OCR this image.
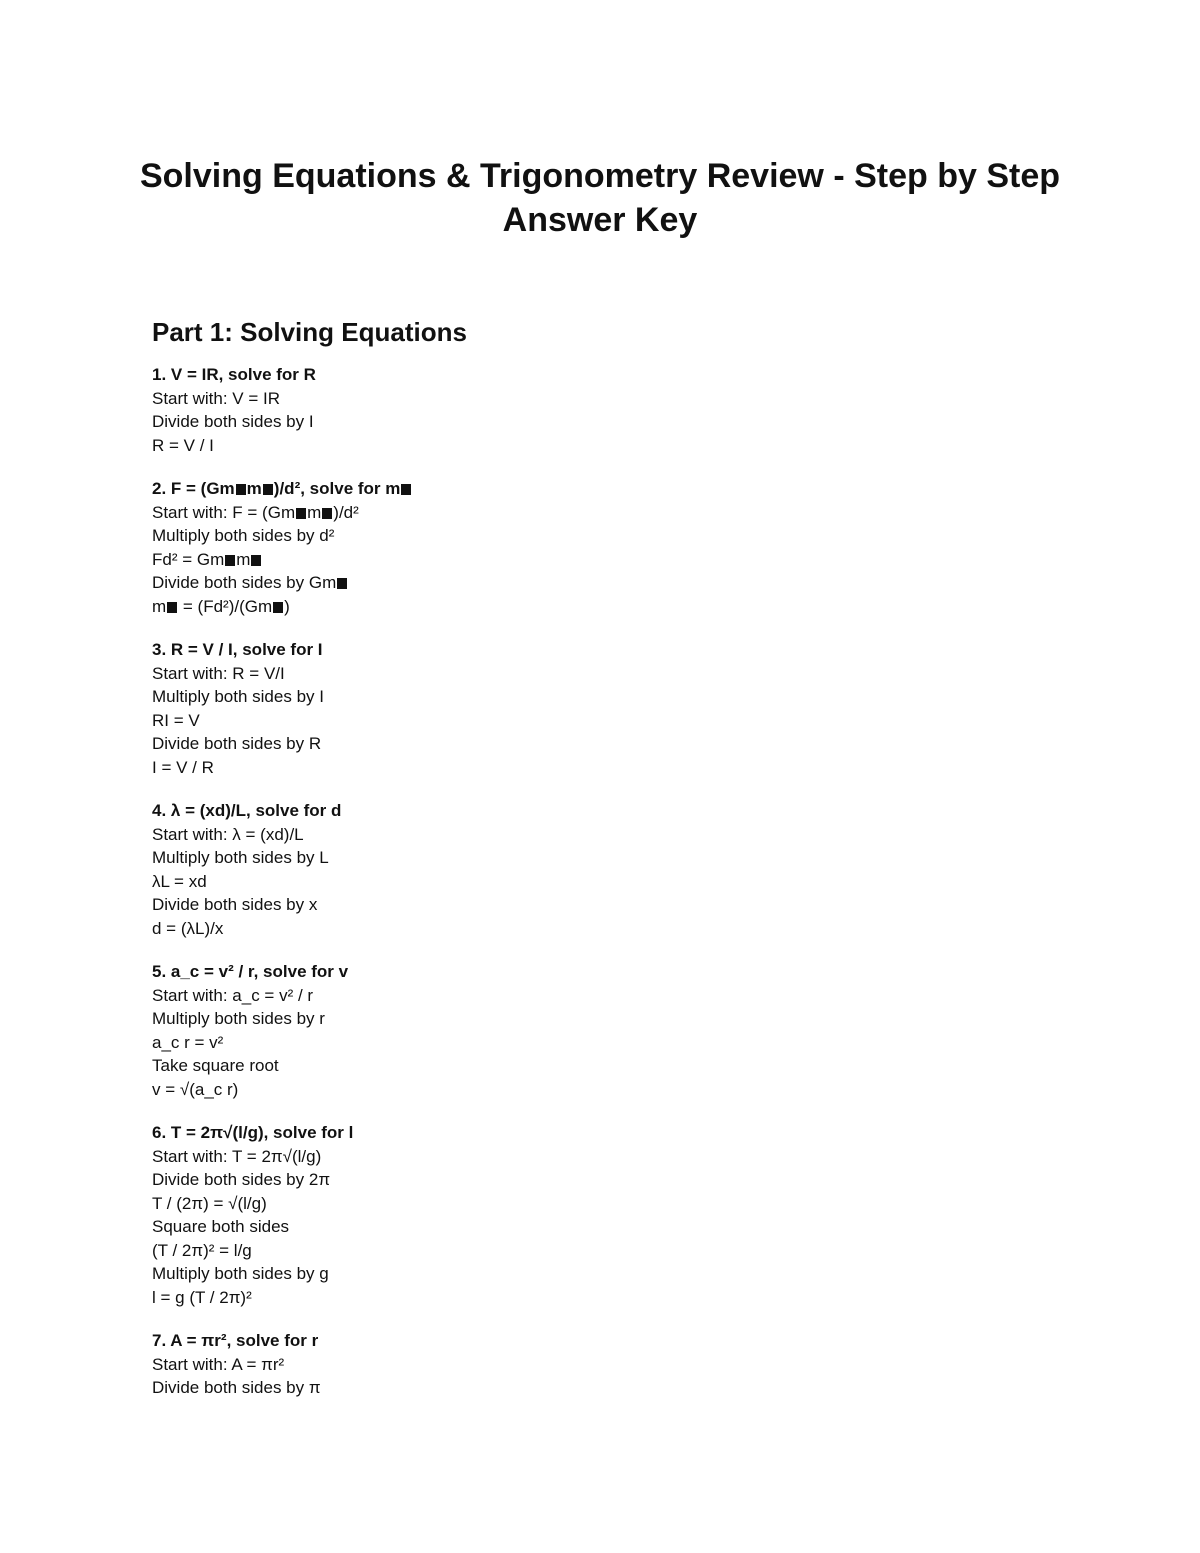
Solving Equations & Trigonometry Review - Step by Step Answer Key
Part 1: Solving Equations
1. V = IR, solve for R
Start with: V = IR
Divide both sides by I
R = V / I
2. F = (Gm m )/d², solve for m
Start with: F = (Gm m )/d²
Multiply both sides by d²
Fd² = Gm m
Divide both sides by Gm
m = (Fd²)/(Gm )
3. R = V / I, solve for I
Start with: R = V/I
Multiply both sides by I
RI = V
Divide both sides by R
I = V / R
4. λ = (xd)/L, solve for d
Start with: λ = (xd)/L
Multiply both sides by L
λL = xd
Divide both sides by x
d = (λL)/x
5. a_c = v² / r, solve for v
Start with: a_c = v² / r
Multiply both sides by r
a_c r = v²
Take square root
v = √(a_c r)
6. T = 2π√(l/g), solve for l
Start with: T = 2π√(l/g)
Divide both sides by 2π
T / (2π) = √(l/g)
Square both sides
(T / 2π)² = l/g
Multiply both sides by g
l = g (T / 2π)²
7. A = πr², solve for r
Start with: A = πr²
Divide both sides by π
